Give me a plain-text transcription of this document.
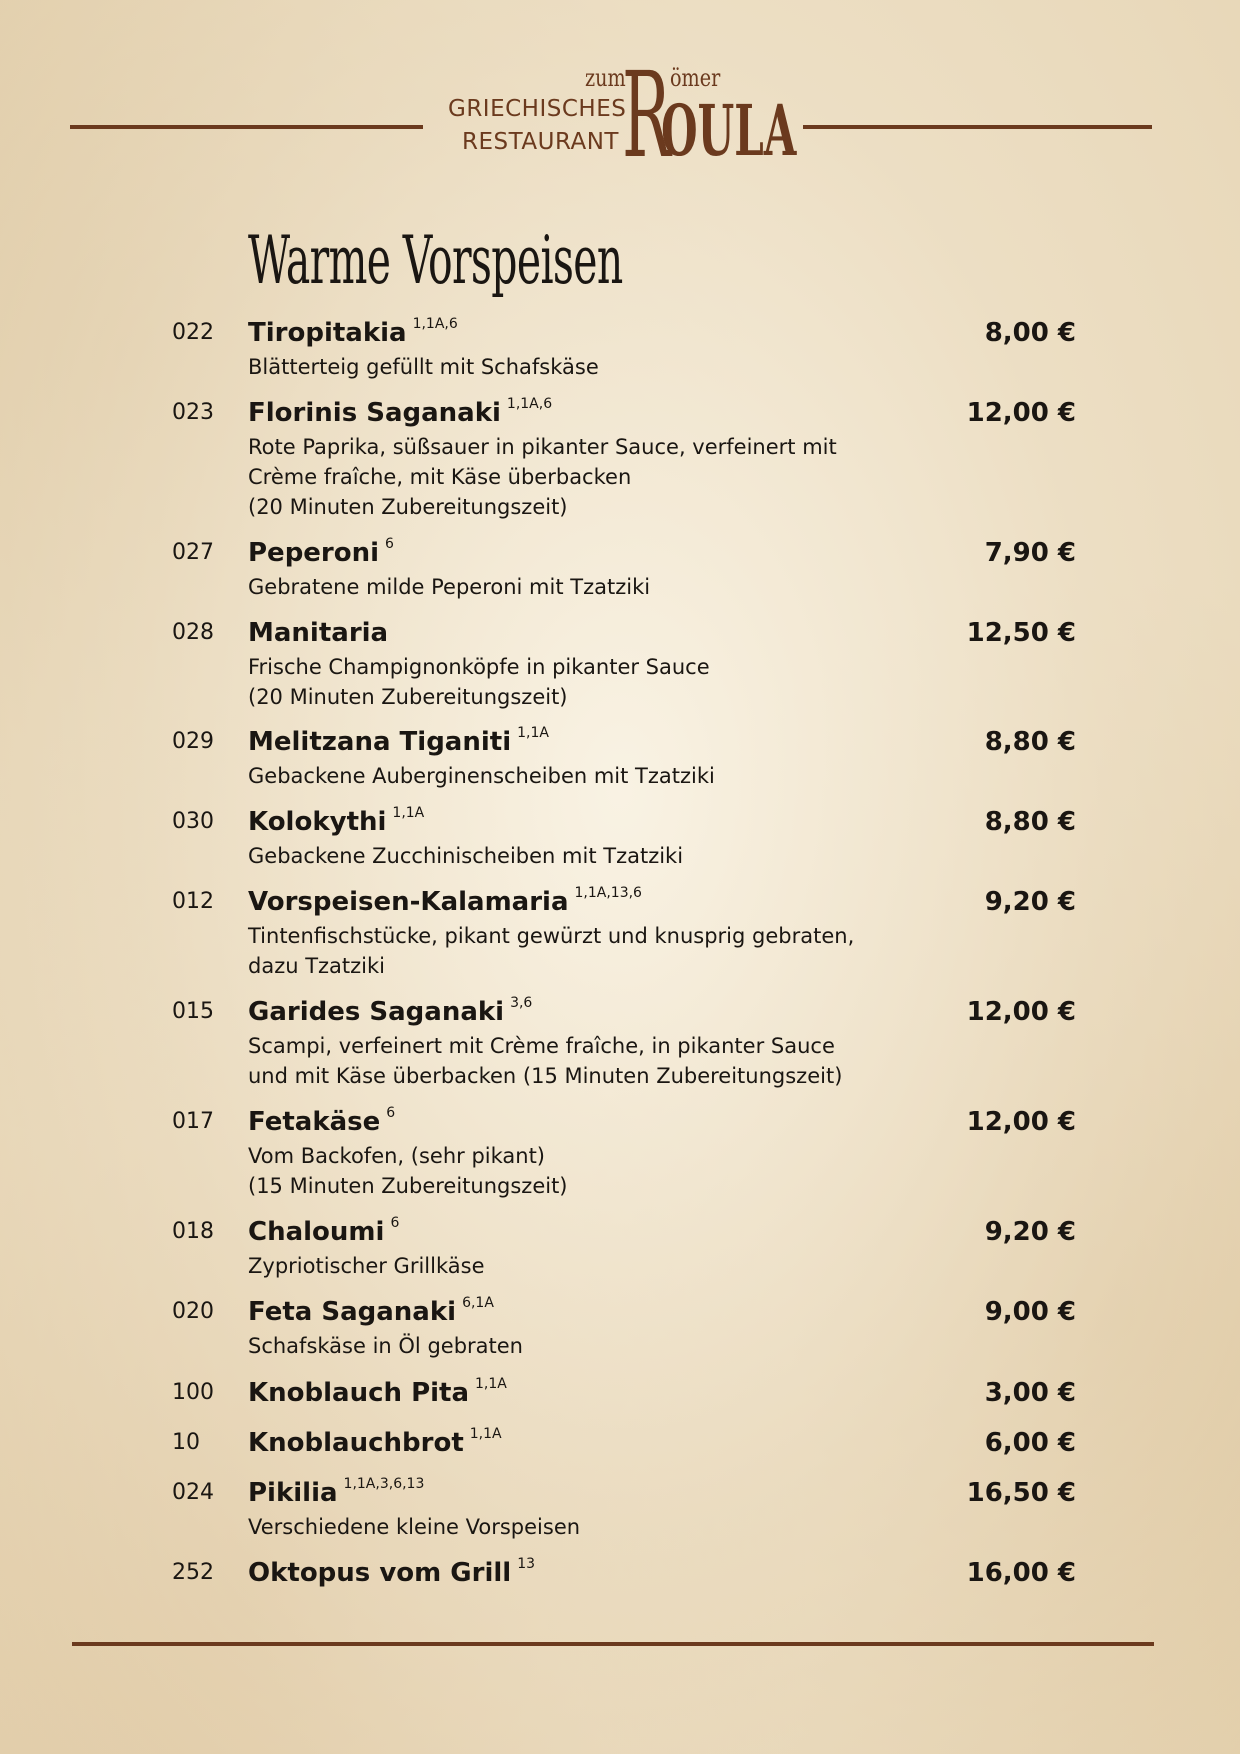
GRIECHISCHES
RESTAURANT
zum
R ömer
OULA
Warme Vorspeisen
022 Tiropitakia $^{1,1A,6}$	8,00 €
Blätterteig gefüllt mit Schafskäse
023 Florinis Saganaki $^{1,1A,6}$	12,00 €
Rote Paprika, süßsauer in pikanter Sauce, verfeinert mit
Crème fraîche, mit Käse überbacken
(20 Minuten Zubereitungszeit)
027 Peperoni $^6$	7,90 €
Gebratene milde Peperoni mit Tzatziki
028 Manitaria	12,50 €
Frische Champignonköpfe in pikanter Sauce
(20 Minuten Zubereitungszeit)
029 Melitzana Tiganiti $^{1,1A}$	8,80 €
Gebackene Auberginenscheiben mit Tzatziki
030 Kolokythi $^{1,1A}$	8,80 €
Gebackene Zucchinischeiben mit Tzatziki
012 Vorspeisen-Kalamaria $^{1,1A,13,6}$	9,20 €
Tintenfischstücke, pikant gewürzt und knusprig gebraten,
dazu Tzatziki
015 Garides Saganaki $^{3,6}$	12,00 €
Scampi, verfeinert mit Crème fraîche, in pikanter Sauce
und mit Käse überbacken (15 Minuten Zubereitungszeit)
017 Fetakäse $^6$	12,00 €
Vom Backofen, (sehr pikant)
(15 Minuten Zubereitungszeit)
018 Chaloumi $^6$	9,20 €
Zypriotischer Grillkäse
020 Feta Saganaki $^{6,1A}$	9,00 €
Schafskäse in Öl gebraten
100 Knoblauch Pita $^{1,1A}$	3,00 €
10 Knoblauchbrot $^{1,1A}$	6,00 €
024 Pikilia $^{1,1A,3,6,13}$	16,50 €
Verschiedene kleine Vorspeisen
252 Oktopus vom Grill $^{13}$	16,00 €
